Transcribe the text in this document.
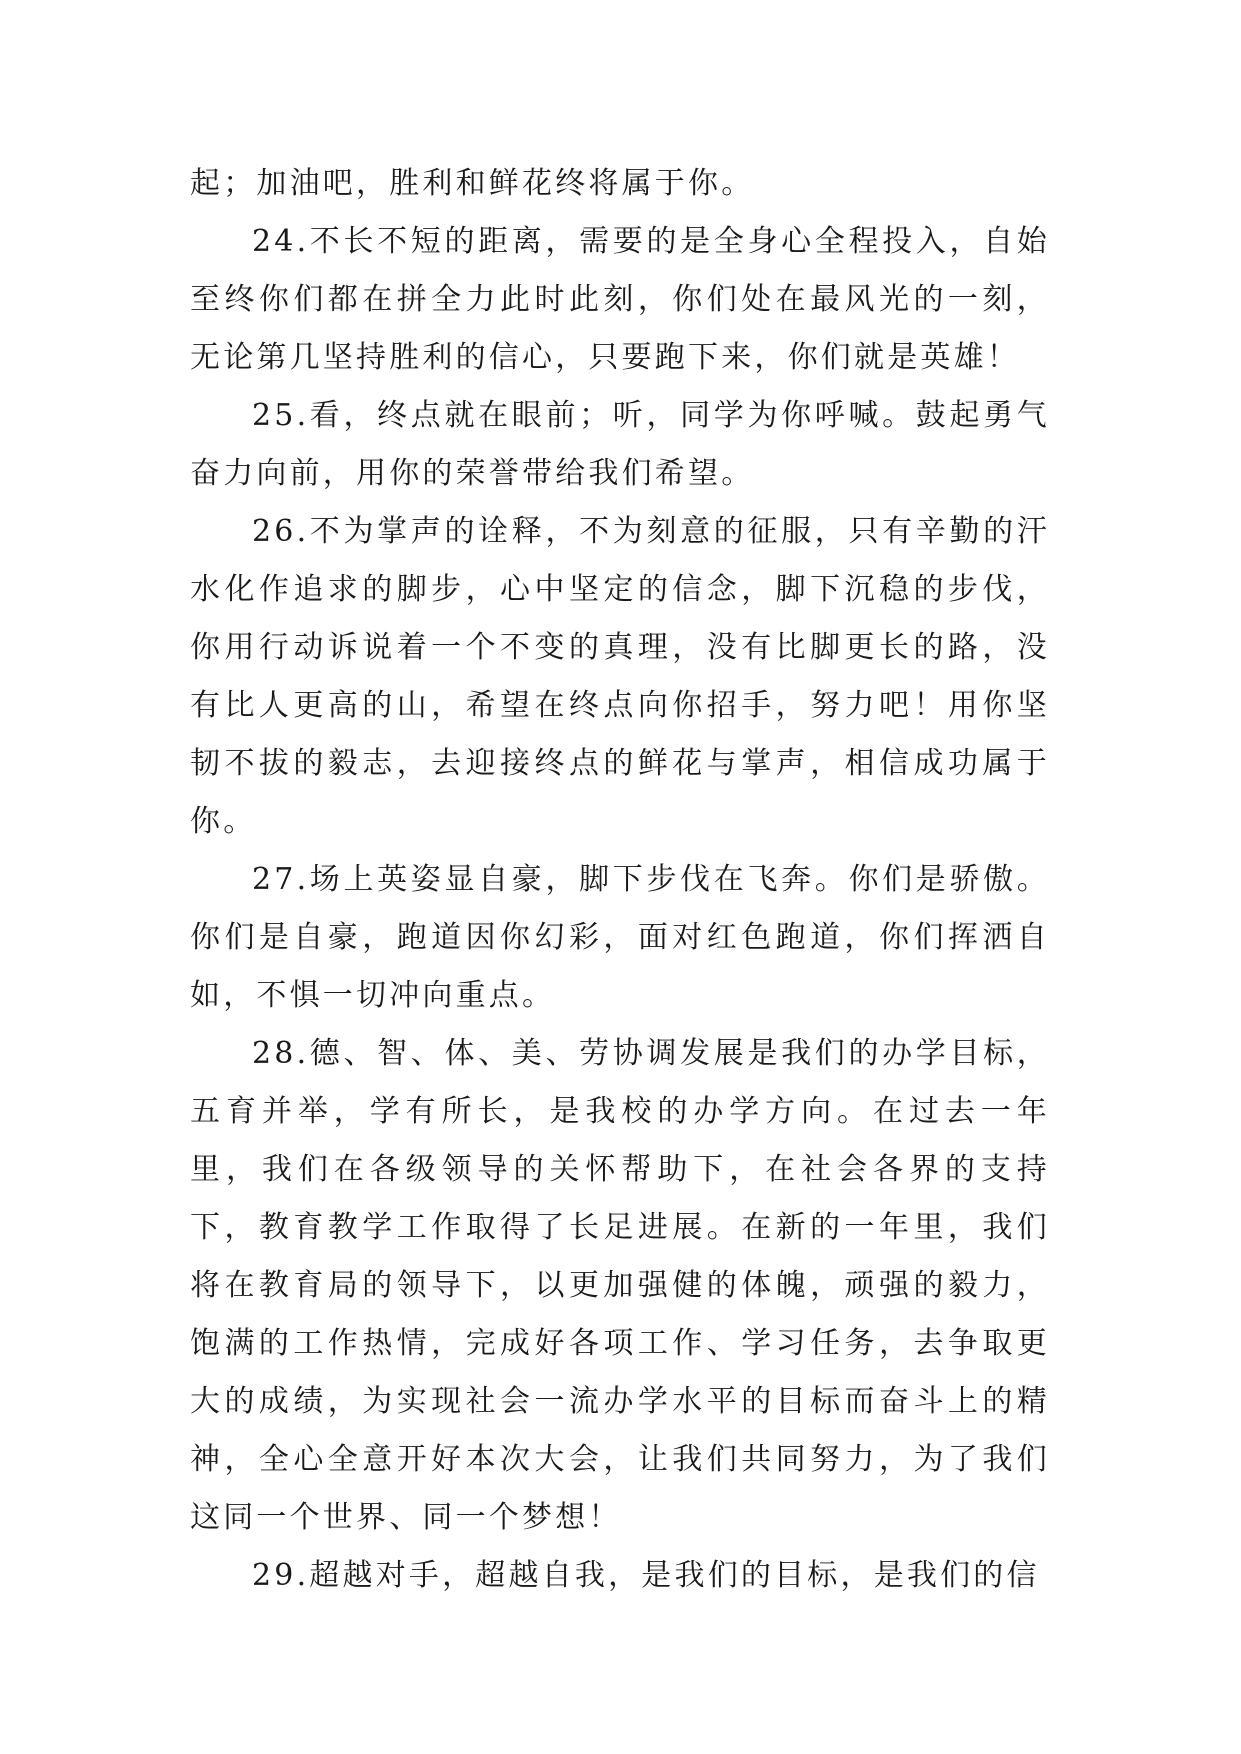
起；加油吧，胜利和鲜花终将属于你。

24.不长不短的距离，需要的是全身心全程投入，自始至终你们都在拼全力此时此刻，你们处在最风光的一刻，无论第几坚持胜利的信心，只要跑下来，你们就是英雄！

25.看，终点就在眼前；听，同学为你呼喊。鼓起勇气奋力向前，用你的荣誉带给我们希望。

26.不为掌声的诠释，不为刻意的征服，只有辛勤的汗水化作追求的脚步，心中坚定的信念，脚下沉稳的步伐，你用行动诉说着一个不变的真理，没有比脚更长的路，没有比人更高的山，希望在终点向你招手，努力吧！用你坚韧不拔的毅志，去迎接终点的鲜花与掌声，相信成功属于你。

27.场上英姿显自豪，脚下步伐在飞奔。你们是骄傲。你们是自豪，跑道因你幻彩，面对红色跑道，你们挥洒自如，不惧一切冲向重点。

28.德、智、体、美、劳协调发展是我们的办学目标，五育并举，学有所长，是我校的办学方向。在过去一年里，我们在各级领导的关怀帮助下，在社会各界的支持下，教育教学工作取得了长足进展。在新的一年里，我们将在教育局的领导下，以更加强健的体魄，顽强的毅力，饱满的工作热情，完成好各项工作、学习任务，去争取更大的成绩，为实现社会一流办学水平的目标而奋斗上的精神，全心全意开好本次大会，让我们共同努力，为了我们这同一个世界、同一个梦想！

29.超越对手，超越自我，是我们的目标，是我们的信
